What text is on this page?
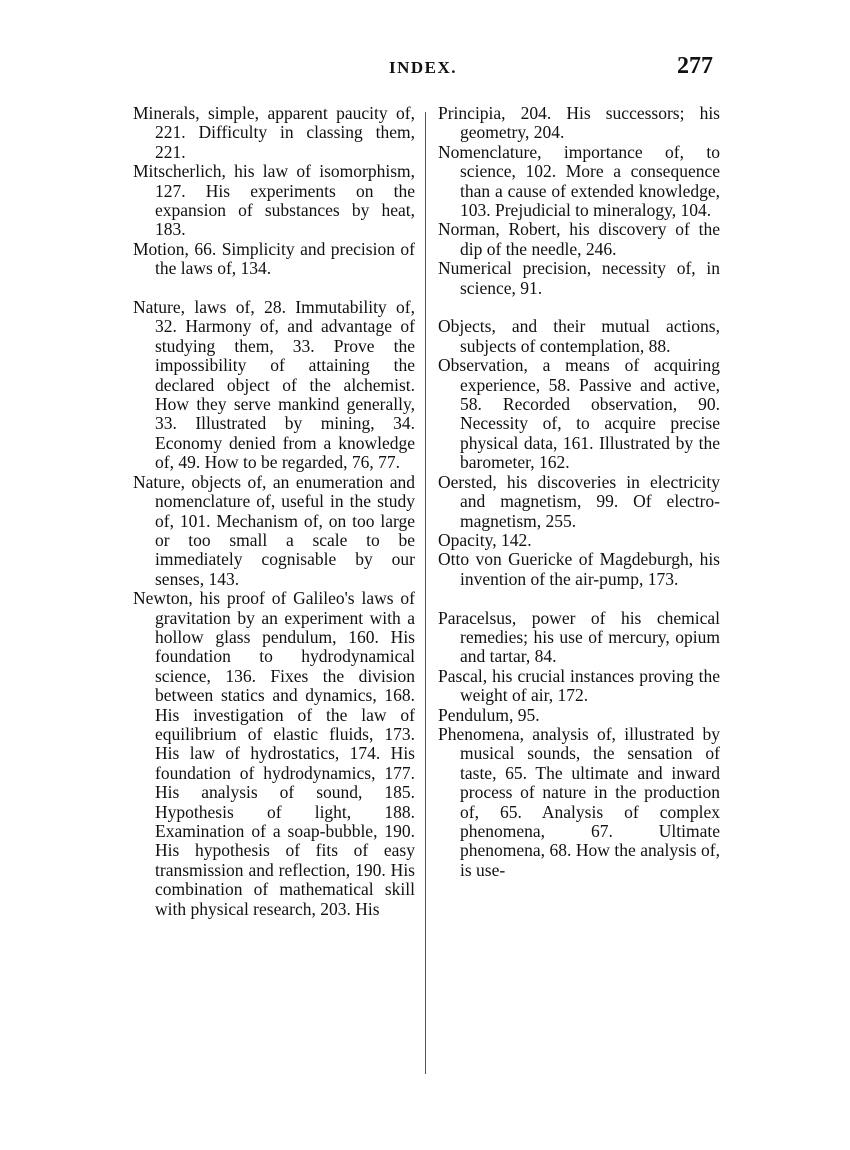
INDEX.	277

Minerals, simple, apparent paucity of, 221. Difficulty in classing them, 221.

Mitscherlich, his law of isomorphism, 127. His experiments on the expansion of substances by heat, 183.

Motion, 66. Simplicity and precision of the laws of, 134.

Nature, laws of, 28. Immutability of, 32. Harmony of, and advantage of studying them, 33. Prove the impossibility of attaining the declared object of the alchemist. How they serve mankind generally, 33. Illustrated by mining, 34. Economy denied from a knowledge of, 49. How to be regarded, 76, 77.

Nature, objects of, an enumeration and nomenclature of, useful in the study of, 101. Mechanism of, on too large or too small a scale to be immediately cognisable by our senses, 143.

Newton, his proof of Galileo's laws of gravitation by an experiment with a hollow glass pendulum, 160. His foundation to hydrodynamical science, 136. Fixes the division between statics and dynamics, 168. His investigation of the law of equilibrium of elastic fluids, 173. His law of hydrostatics, 174. His foundation of hydrodynamics, 177. His analysis of sound, 185. Hypothesis of light, 188. Examination of a soap-bubble, 190. His hypothesis of fits of easy transmission and reflection, 190. His combination of mathematical skill with physical research, 203. His

Principia, 204. His successors; his geometry, 204.

Nomenclature, importance of, to science, 102. More a consequence than a cause of extended knowledge, 103. Prejudicial to mineralogy, 104.

Norman, Robert, his discovery of the dip of the needle, 246.

Numerical precision, necessity of, in science, 91.

Objects, and their mutual actions, subjects of contemplation, 88.

Observation, a means of acquiring experience, 58. Passive and active, 58. Recorded observation, 90. Necessity of, to acquire precise physical data, 161. Illustrated by the barometer, 162.

Oersted, his discoveries in electricity and magnetism, 99. Of electro-magnetism, 255.

Opacity, 142.

Otto von Guericke of Magdeburgh, his invention of the air-pump, 173.

Paracelsus, power of his chemical remedies; his use of mercury, opium and tartar, 84.

Pascal, his crucial instances proving the weight of air, 172.

Pendulum, 95.

Phenomena, analysis of, illustrated by musical sounds, the sensation of taste, 65. The ultimate and inward process of nature in the production of, 65. Analysis of complex phenomena, 67. Ultimate phenomena, 68. How the analysis of, is use-
